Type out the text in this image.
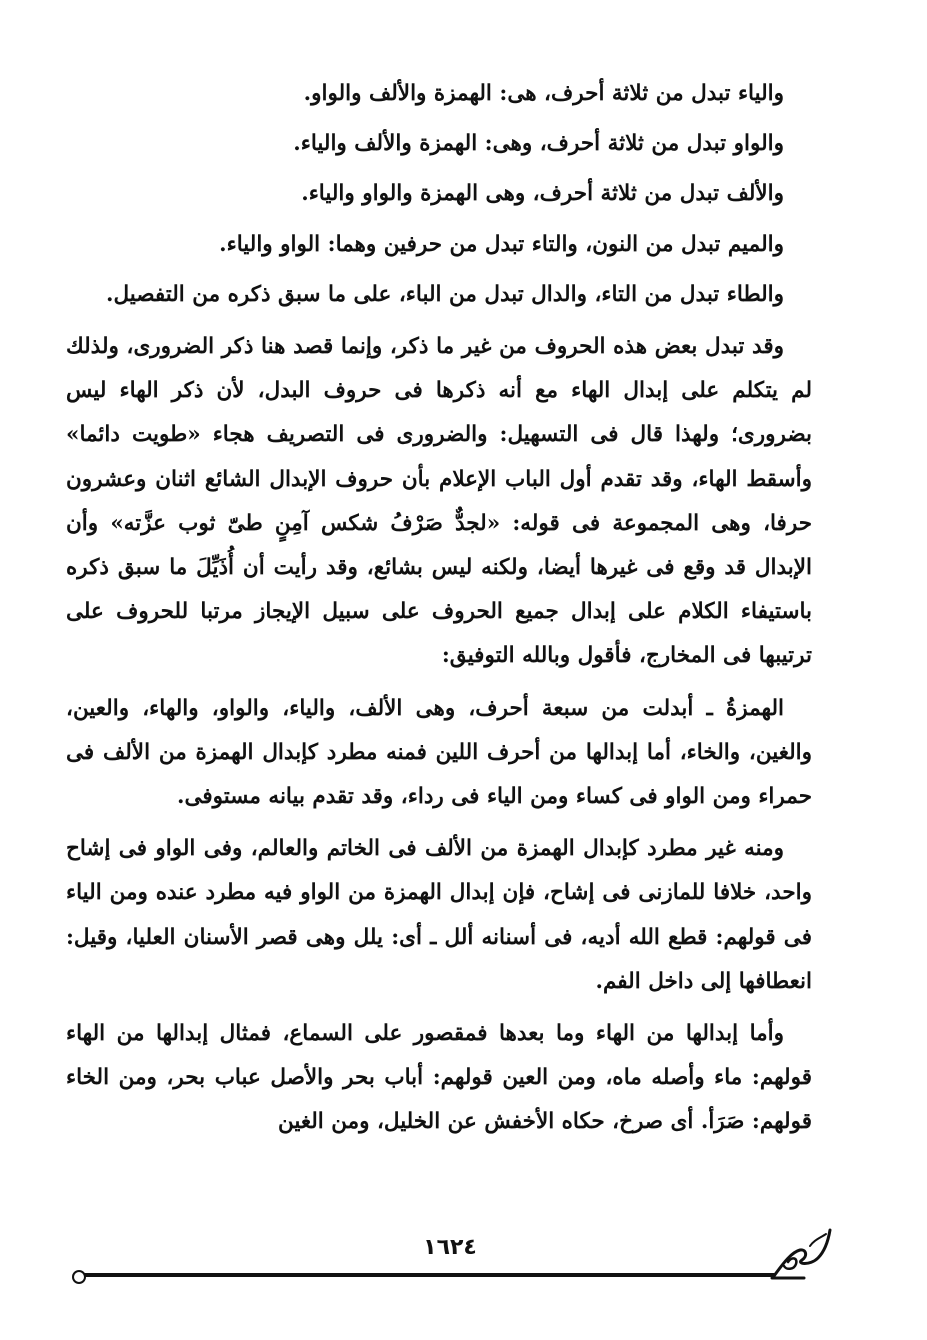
والياء تبدل من ثلاثة أحرف، هى: الهمزة والألف والواو.

والواو تبدل من ثلاثة أحرف، وهى: الهمزة والألف والياء.

والألف تبدل من ثلاثة أحرف، وهى الهمزة والواو والياء.

والميم تبدل من النون، والتاء تبدل من حرفين وهما: الواو والياء.

والطاء تبدل من التاء، والدال تبدل من الباء، على ما سبق ذكره من التفصيل.

وقد تبدل بعض هذه الحروف من غير ما ذكر، وإنما قصد هنا ذكر الضرورى، ولذلك لم يتكلم على إبدال الهاء مع أنه ذكرها فى حروف البدل، لأن ذكر الهاء ليس بضرورى؛ ولهذا قال فى التسهيل: والضرورى فى التصريف هجاء «طويت دائما» وأسقط الهاء، وقد تقدم أول الباب الإعلام بأن حروف الإبدال الشائع اثنان وعشرون حرفا، وهى المجموعة فى قوله: «لجدٌّ صَرْفُ شكس آمِنٍ طىّ ثوب عزَّته» وأن الإبدال قد وقع فى غيرها أيضا، ولكنه ليس بشائع، وقد رأيت أن أُذَيِّلَ ما سبق ذكره باستيفاء الكلام على إبدال جميع الحروف على سبيل الإيجاز مرتبا للحروف على ترتيبها فى المخارج، فأقول وبالله التوفيق:

الهمزةُ ـ أبدلت من سبعة أحرف، وهى الألف، والياء، والواو، والهاء، والعين، والغين، والخاء، أما إبدالها من أحرف اللين فمنه مطرد كإبدال الهمزة من الألف فى حمراء ومن الواو فى كساء ومن الياء فى رداء، وقد تقدم بيانه مستوفى.

ومنه غير مطرد كإبدال الهمزة من الألف فى الخاتم والعالم، وفى الواو فى إشاح واحد، خلافا للمازنى فى إشاح، فإن إبدال الهمزة من الواو فيه مطرد عنده ومن الياء فى قولهم: قطع الله أديه، فى أسنانه ألل ـ أى: يلل وهى قصر الأسنان العليا، وقيل: انعطافها إلى داخل الفم.

وأما إبدالها من الهاء وما بعدها فمقصور على السماع، فمثال إبدالها من الهاء قولهم: ماء وأصله ماه، ومن العين قولهم: أباب بحر والأصل عباب بحر، ومن الخاء قولهم: صَرَأ. أى صرخ، حكاه الأخفش عن الخليل، ومن الغين

١٦٢٤
